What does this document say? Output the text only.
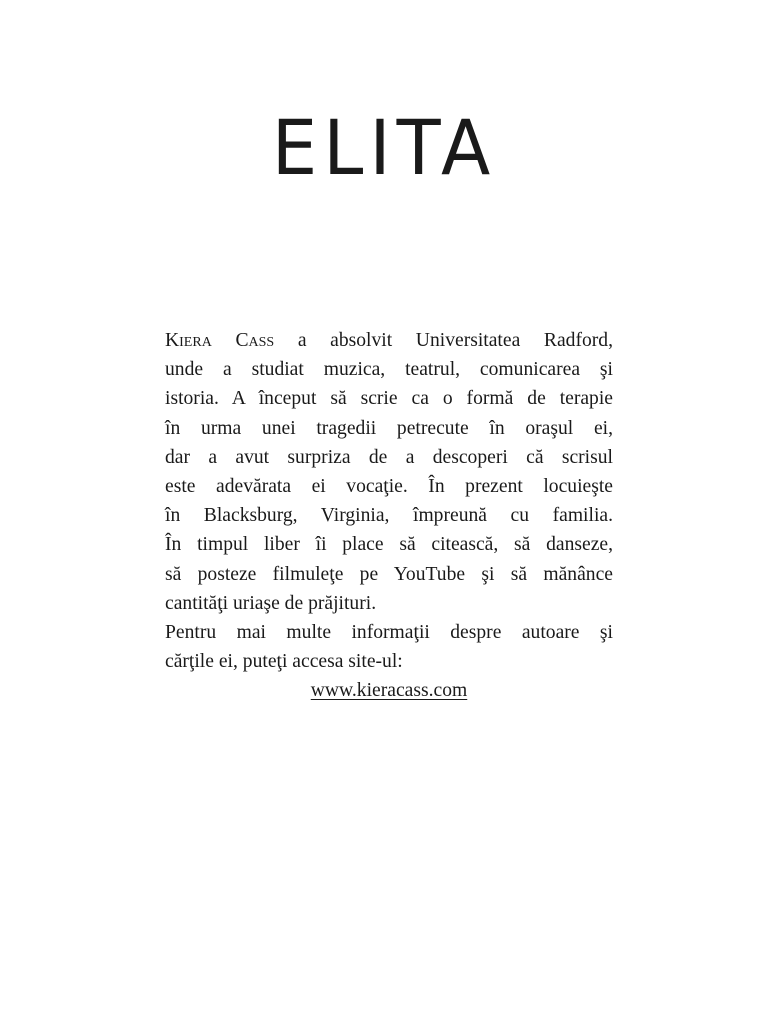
ELITA
Kiera Cass a absolvit Universitatea Radford,
unde a studiat muzica, teatrul, comunicarea şi
istoria. A început să scrie ca o formă de terapie
în urma unei tragedii petrecute în oraşul ei,
dar a avut surpriza de a descoperi că scrisul
este adevărata ei vocaţie. În prezent locuieşte
în Blacksburg, Virginia, împreună cu familia.
În timpul liber îi place să citească, să danseze,
să posteze filmuleţe pe YouTube şi să mănânce
cantităţi uriaşe de prăjituri.
Pentru mai multe informaţii despre autoare şi
cărţile ei, puteţi accesa site-ul:
www.kieracass.com
